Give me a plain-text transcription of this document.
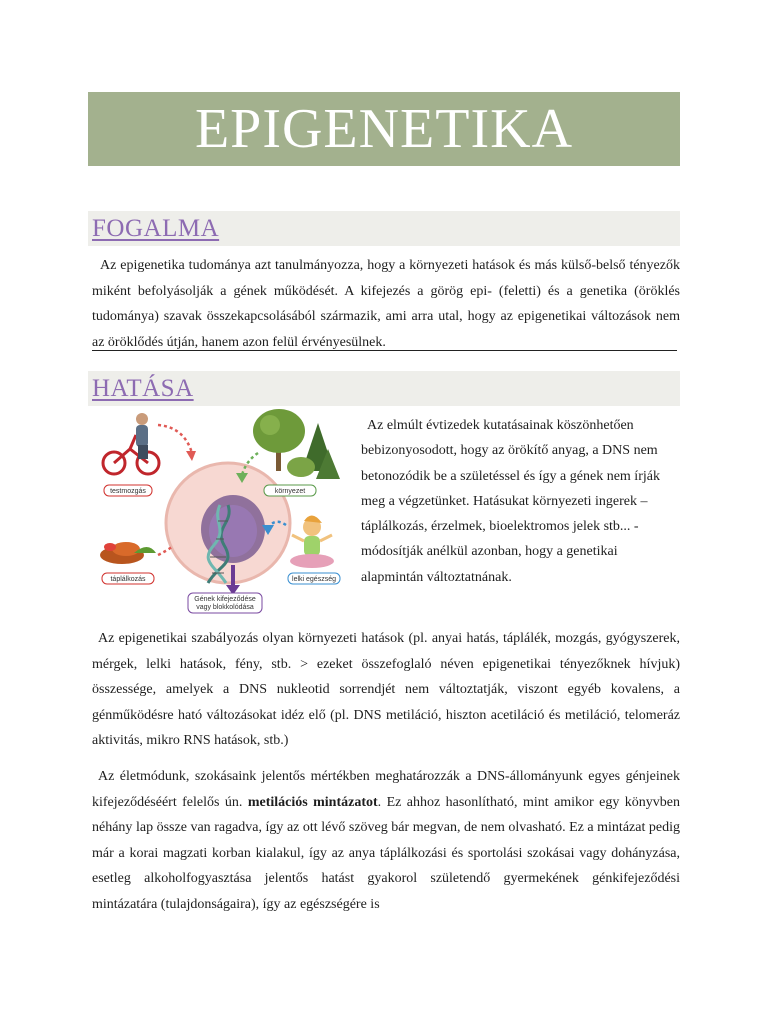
EPIGENETIKA
FOGALMA

Az epigenetika tudománya azt tanulmányozza, hogy a környezeti hatások és más külső-belső tényezők miként befolyásolják a gének működését. A kifejezés a görög epi- (feletti) és a genetika (öröklés tudománya) szavak összekapcsolásából származik, ami arra utal, hogy az epigenetikai változások nem az öröklődés útján, hanem azon felül érvényesülnek.

HATÁSA
testmozgás	környezet
táplálkozás	lelki egészség
Gének kifejeződése
vagy blokkolódása

Az elmúlt évtizedek kutatásainak köszönhetően bebizonyosodott, hogy az örökítő anyag, a DNS nem betonozódik be a születéssel és így a gének nem írják meg a végzetünket. Hatásukat környezeti ingerek – táplálkozás, érzelmek, bioelektromos jelek stb... - módosítják anélkül azonban, hogy a genetikai alapmintán változtatnának.

Az epigenetikai szabályozás olyan környezeti hatások (pl. anyai hatás, táplálék, mozgás, gyógyszerek, mérgek, lelki hatások, fény, stb. > ezeket összefoglaló néven epigenetikai tényezőknek hívjuk) összessége, amelyek a DNS nukleotid sorrendjét nem változtatják, viszont egyéb kovalens, a génműködésre ható változásokat idéz elő (pl. DNS metiláció, hiszton acetiláció és metiláció, telomeráz aktivitás, mikro RNS hatások, stb.)

Az életmódunk, szokásaink jelentős mértékben meghatározzák a DNS-állományunk egyes génjeinek kifejeződéséért felelős ún. metilációs mintázatot. Ez ahhoz hasonlítható, mint amikor egy könyvben néhány lap össze van ragadva, így az ott lévő szöveg bár megvan, de nem olvasható. Ez a mintázat pedig már a korai magzati korban kialakul, így az anya táplálkozási és sportolási szokásai vagy dohányzása, esetleg alkoholfogyasztása jelentős hatást gyakorol születendő gyermekének génkifejeződési mintázatára (tulajdonságaira), így az egészségére is
